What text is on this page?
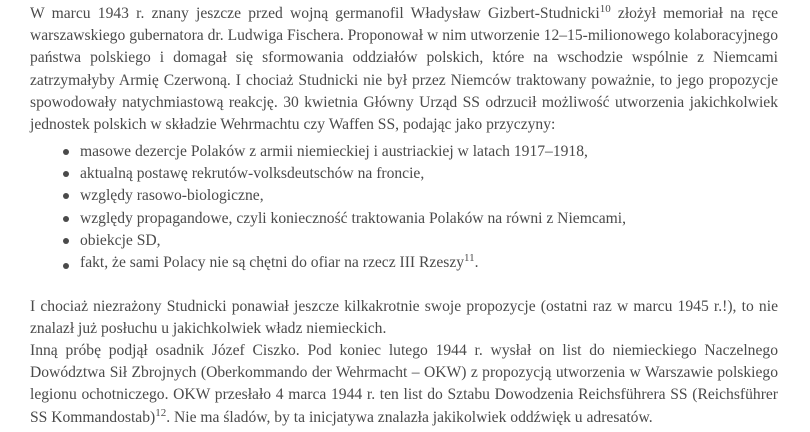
W marcu 1943 r. znany jeszcze przed wojną germanofil Władysław Gizbert-Studnicki$^{10}$ złożył memoriał na ręce warszawskiego gubernatora dr. Ludwiga Fischera. Proponował w nim utworzenie 12–15-milionowego kolaboracyjnego państwa polskiego i domagał się sformowania oddziałów polskich, które na wschodzie wspólnie z Niemcami zatrzymałyby Armię Czerwoną. I chociaż Studnicki nie był przez Niemców traktowany poważnie, to jego propozycje spowodowały natychmiastową reakcję. 30 kwietnia Główny Urząd SS odrzucił możliwość utworzenia jakichkolwiek jednostek polskich w składzie Wehrmachtu czy Waffen SS, podając jako przyczyny:

masowe dezercje Polaków z armii niemieckiej i austriackiej w latach 1917–1918,
aktualną postawę rekrutów-volksdeutschów na froncie,
względy rasowo-biologiczne,
względy propagandowe, czyli konieczność traktowania Polaków na równi z Niemcami,
obiekcje SD,
fakt, że sami Polacy nie są chętni do ofiar na rzecz III Rzeszy$^{11}$.

I chociaż niezrażony Studnicki ponawiał jeszcze kilkakrotnie swoje propozycje (ostatni raz w marcu 1945 r.!), to nie znalazł już posłuchu u jakichkolwiek władz niemieckich.

Inną próbę podjął osadnik Józef Ciszko. Pod koniec lutego 1944 r. wysłał on list do niemieckiego Naczelnego Dowództwa Sił Zbrojnych (Oberkommando der Wehrmacht – OKW) z propozycją utworzenia w Warszawie polskiego legionu ochotniczego. OKW przesłało 4 marca 1944 r. ten list do Sztabu Dowodzenia Reichsführera SS (Reichsführer SS Kommandostab)$^{12}$. Nie ma śladów, by ta inicjatywa znalazła jakikolwiek oddźwięk u adresatów.
